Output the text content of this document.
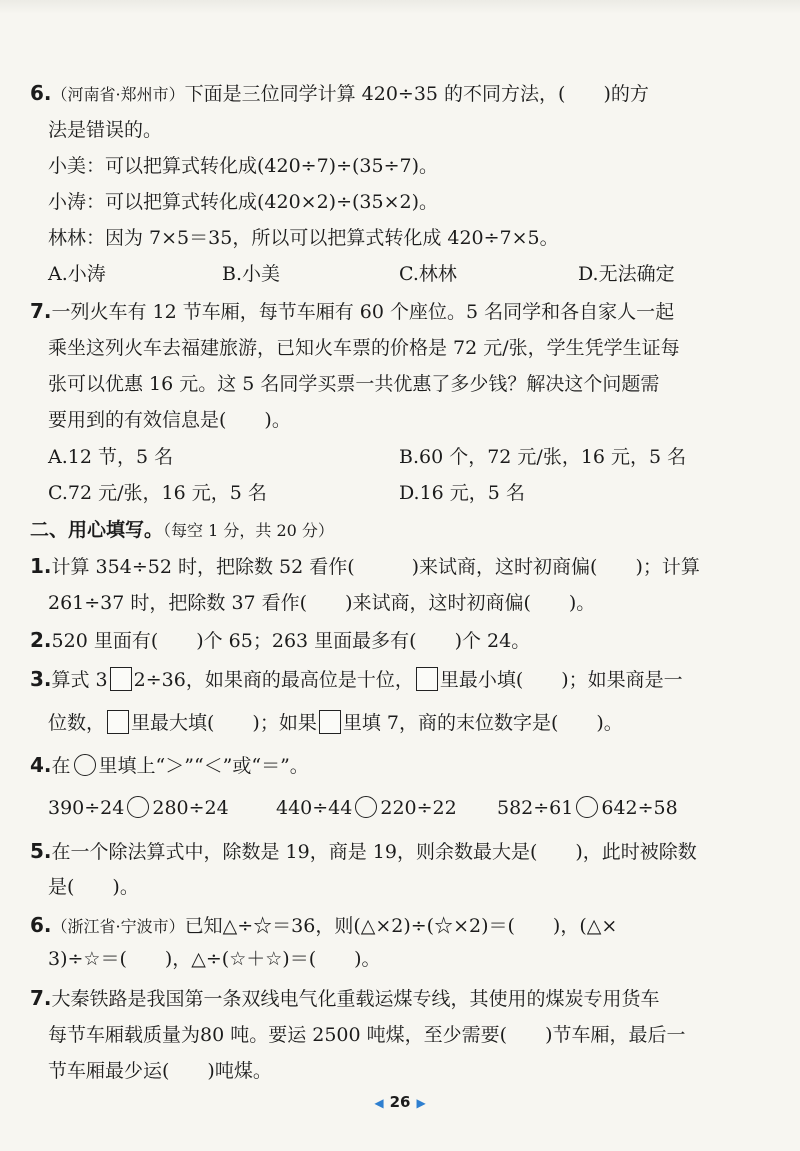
6.（河南省·郑州市）下面是三位同学计算 420÷35 的不同方法，(　　)的方
法是错误的。
小美：可以把算式转化成(420÷7)÷(35÷7)。
小涛：可以把算式转化成(420×2)÷(35×2)。
林林：因为 7×5＝35，所以可以把算式转化成 420÷7×5。
A.小涛	B.小美	C.林林	D.无法确定
7.一列火车有 12 节车厢，每节车厢有 60 个座位。5 名同学和各自家人一起
乘坐这列火车去福建旅游，已知火车票的价格是 72 元/张，学生凭学生证每
张可以优惠 16 元。这 5 名同学买票一共优惠了多少钱？解决这个问题需
要用到的有效信息是(　　)。
A.12 节，5 名	B.60 个，72 元/张，16 元，5 名
C.72 元/张，16 元，5 名	D.16 元，5 名
二、用心填写。（每空 1 分，共 20 分）
1.计算 354÷52 时，把除数 52 看作(　　　)来试商，这时初商偏(　　)；计算
261÷37 时，把除数 37 看作(　　)来试商，这时初商偏(　　)。
2.520 里面有(　　)个 65；263 里面最多有(　　)个 24。
3.算式 3 2÷36，如果商的最高位是十位， 里最小填(　　)；如果商是一
位数， 里最大填(　　)；如果 里填 7，商的末位数字是(　　)。
4.在 里填上“＞”“＜”或“＝”。
390÷24 280÷24	440÷44 220÷22	582÷61 642÷58
5.在一个除法算式中，除数是 19，商是 19，则余数最大是(　　)，此时被除数
是(　　)。
6.（浙江省·宁波市）已知△÷☆＝36，则(△×2)÷(☆×2)＝(　　)，(△×
3)÷☆＝(　　)，△÷(☆＋☆)＝(　　)。
7.大秦铁路是我国第一条双线电气化重载运煤专线，其使用的煤炭专用货车
每节车厢载质量为80 吨。要运 2500 吨煤，至少需要(　　)节车厢，最后一
节车厢最少运(　　)吨煤。
◀ 26 ▶
